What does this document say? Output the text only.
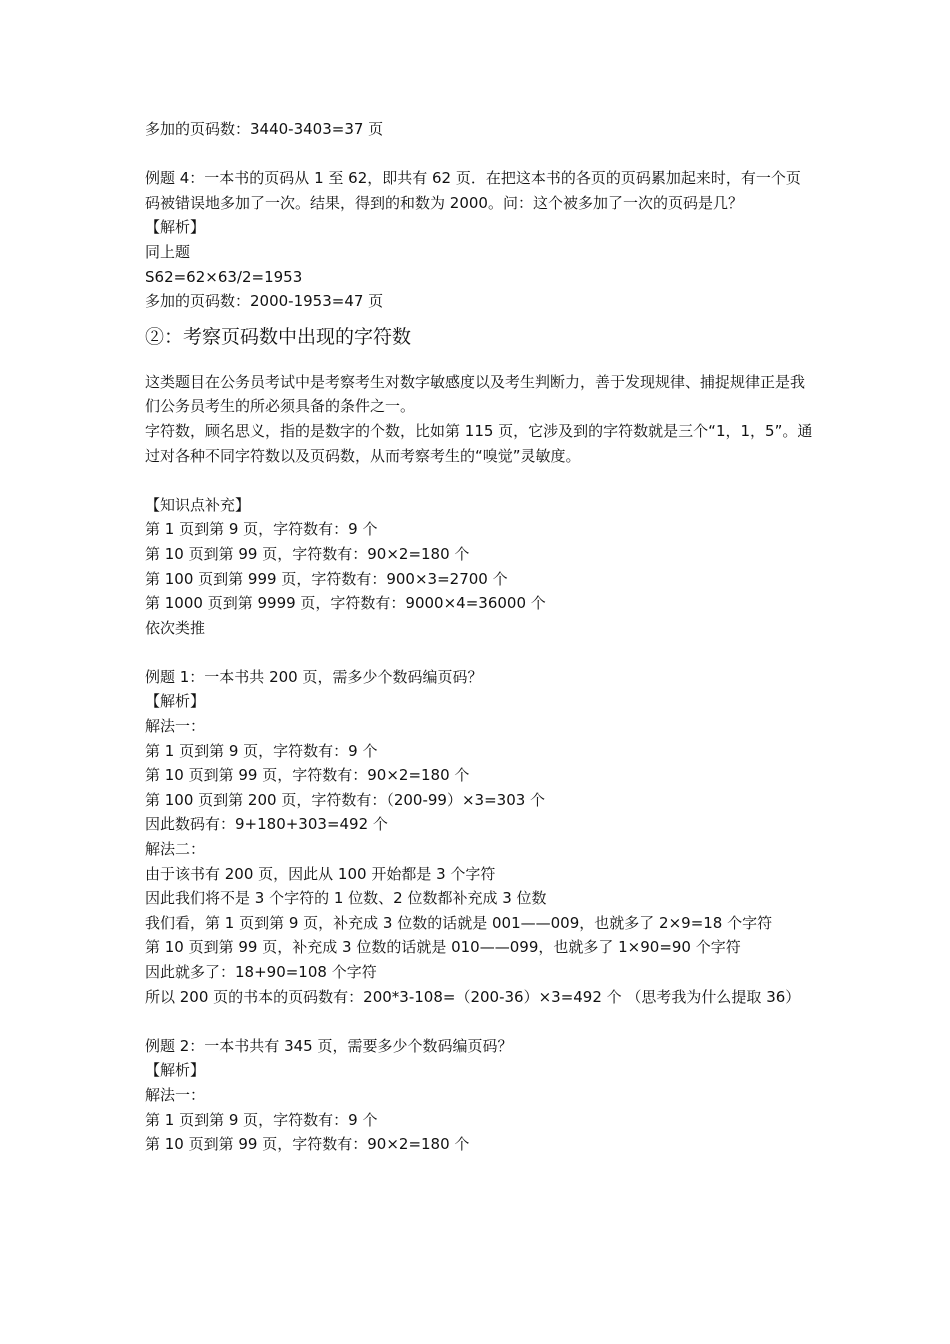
多加的页码数：3440-3403=37 页
例题 4：一本书的页码从 1 至 62，即共有 62 页．在把这本书的各页的页码累加起来时，有一个页码被错误地多加了一次。结果，得到的和数为 2000。问：这个被多加了一次的页码是几？
【解析】
同上题
S62=62×63/2=1953
多加的页码数：2000-1953=47 页
②：考察页码数中出现的字符数
这类题目在公务员考试中是考察考生对数字敏感度以及考生判断力，善于发现规律、捕捉规律正是我们公务员考生的所必须具备的条件之一。
字符数，顾名思义，指的是数字的个数，比如第 115 页，它涉及到的字符数就是三个“1，1，5”。通过对各种不同字符数以及页码数，从而考察考生的“嗅觉”灵敏度。
【知识点补充】
第 1 页到第 9 页，字符数有：9 个
第 10 页到第 99 页，字符数有：90×2=180 个
第 100 页到第 999 页，字符数有：900×3=2700 个
第 1000 页到第 9999 页，字符数有：9000×4=36000 个
依次类推
例题 1：一本书共 200 页，需多少个数码编页码？
【解析】
解法一：
第 1 页到第 9 页，字符数有：9 个
第 10 页到第 99 页，字符数有：90×2=180 个
第 100 页到第 200 页，字符数有：（200-99）×3=303 个
因此数码有：9+180+303=492 个
解法二：
由于该书有 200 页，因此从 100 开始都是 3 个字符
因此我们将不是 3 个字符的 1 位数、2 位数都补充成 3 位数
我们看，第 1 页到第 9 页，补充成 3 位数的话就是 001——009，也就多了 2×9=18 个字符
第 10 页到第 99 页，补充成 3 位数的话就是 010——099，也就多了 1×90=90 个字符
因此就多了：18+90=108 个字符
所以 200 页的书本的页码数有：200*3-108=（200-36）×3=492 个 （思考我为什么提取 36）
例题 2：一本书共有 345 页，需要多少个数码编页码？
【解析】
解法一：
第 1 页到第 9 页，字符数有：9 个
第 10 页到第 99 页，字符数有：90×2=180 个
